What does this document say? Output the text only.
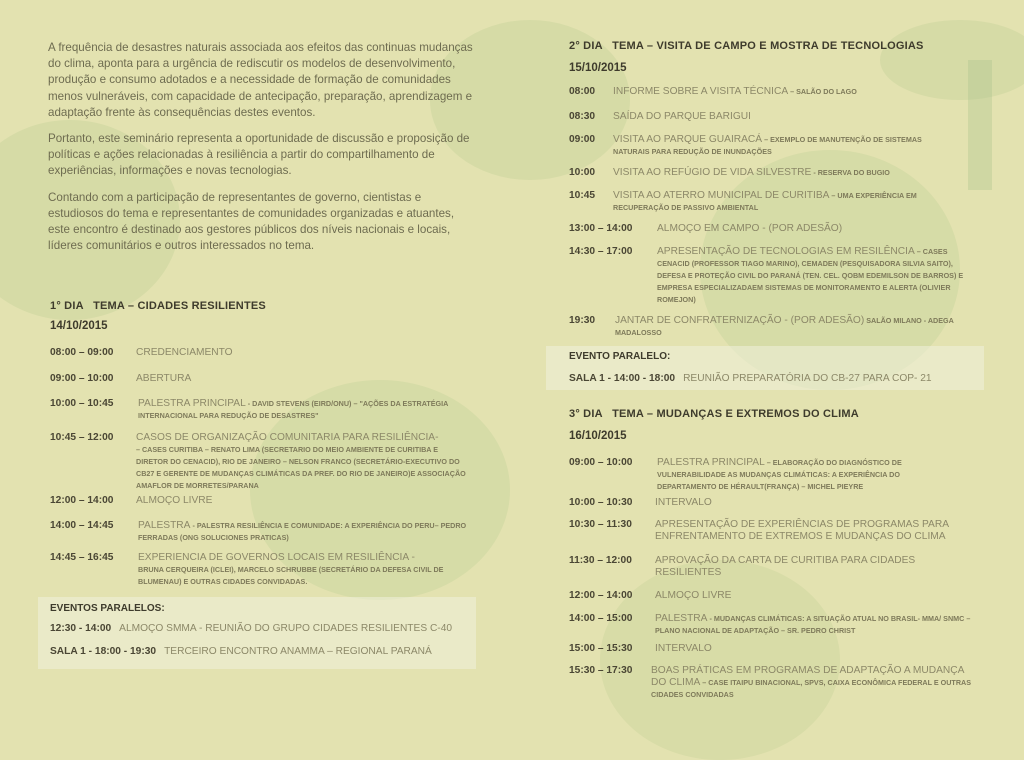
A frequência de desastres naturais associada aos efeitos das continuas mudanças do clima, aponta para a urgência de rediscutir os modelos de desenvolvimento, produção e consumo adotados e a necessidade de formação de comunidades menos vulneráveis, com capacidade de antecipação, preparação, aprendizagem e adaptação frente às consequências destes eventos.

Portanto, este seminário representa a oportunidade de discussão e proposição de políticas e ações relacionadas à resiliência a partir do compartilhamento de experiências, informações e novas tecnologias.

Contando com a participação de representantes de governo, cientistas e estudiosos do tema e representantes de comunidades organizadas e atuantes, este encontro é destinado aos gestores públicos dos níveis nacionais e locais, líderes comunitários e outros interessados no tema.

1° DIA   TEMA – CIDADES RESILIENTES
14/10/2015
08:00 – 09:00	CREDENCIAMENTO
09:00 – 10:00	ABERTURA
10:00 – 10:45	PALESTRA PRINCIPAL - DAVID STEVENS (EIRD/ONU) – "AÇÕES DA ESTRATÉGIA INTERNACIONAL PARA REDUÇÃO DE DESASTRES"
10:45 – 12:00	CASOS DE ORGANIZAÇÃO COMUNITARIA PARA RESILIÊNCIA-
– CASES CURITIBA – RENATO LIMA (SECRETARIO DO MEIO AMBIENTE DE CURITIBA E DIRETOR DO CENACID), RIO DE JANEIRO – NELSON FRANCO (SECRETÁRIO-EXECUTIVO DO CB27 E GERENTE DE MUDANÇAS CLIMÁTICAS DA PREF. DO RIO DE JANEIRO)E ASSOCIAÇÃO AMAFLOR DE MORRETES/PARANA
12:00 – 14:00	ALMOÇO LIVRE
14:00 – 14:45	PALESTRA - PALESTRA RESILIÊNCIA E COMUNIDADE: A EXPERIÊNCIA DO PERU– PEDRO FERRADAS (ONG SOLUCIONES PRATICAS)
14:45 – 16:45	EXPERIENCIA DE GOVERNOS LOCAIS EM RESILIÊNCIA -
BRUNA CERQUEIRA (ICLEI), MARCELO SCHRUBBE (SECRETÁRIO DA DEFESA CIVIL DE BLUMENAU) E OUTRAS CIDADES CONVIDADAS.
EVENTOS PARALELOS:
12:30 - 14:00 ALMOÇO SMMA - REUNIÃO DO GRUPO CIDADES RESILIENTES C-40
SALA 1 - 18:00 - 19:30 TERCEIRO ENCONTRO ANAMMA – REGIONAL PARANÁ
2° DIA   TEMA – VISITA DE CAMPO E MOSTRA DE TECNOLOGIAS
15/10/2015
08:00	INFORME SOBRE A VISITA TÉCNICA – SALÃO DO LAGO
08:30	SAÍDA DO PARQUE BARIGUI
09:00	VISITA AO PARQUE GUAIRACÁ – EXEMPLO DE MANUTENÇÃO DE SISTEMAS NATURAIS PARA REDUÇÃO DE INUNDAÇÕES
10:00	VISITA AO REFÚGIO DE VIDA SILVESTRE - RESERVA DO BUGIO
10:45	VISITA AO ATERRO MUNICIPAL DE CURITIBA – UMA EXPERIÊNCIA EM RECUPERAÇÃO DE PASSIVO AMBIENTAL
13:00 – 14:00	ALMOÇO EM CAMPO - (POR ADESÃO)
14:30 – 17:00	APRESENTAÇÃO DE TECNOLOGIAS EM RESILÊNCIA – CASES CENACID (PROFESSOR TIAGO MARINO), CEMADEN (PESQUISADORA SILVIA SAITO), DEFESA E PROTEÇÃO CIVIL DO PARANÁ (TEN. CEL. QOBM EDEMILSON DE BARROS) E EMPRESA ESPECIALIZADAEM SISTEMAS DE MONITORAMENTO E ALERTA (OLIVIER ROMEJON)
19:30	JANTAR DE CONFRATERNIZAÇÃO - (POR ADESÃO) SALÃO MILANO - ADEGA MADALOSSO
EVENTO PARALELO:
SALA 1 - 14:00 - 18:00 REUNIÃO PREPARATÓRIA DO CB-27 PARA COP- 21
3° DIA   TEMA – MUDANÇAS E EXTREMOS DO CLIMA
16/10/2015
09:00 – 10:00	PALESTRA PRINCIPAL – ELABORAÇÃO DO DIAGNÓSTICO DE VULNERABILIDADE AS MUDANÇAS CLIMÁTICAS: A EXPERIÊNCIA DO DEPARTAMENTO DE HÉRAULT(FRANÇA) – MICHEL PIEYRE
10:00 – 10:30	INTERVALO
10:30 – 11:30	APRESENTAÇÃO DE EXPERIÊNCIAS DE PROGRAMAS PARA ENFRENTAMENTO DE EXTREMOS E MUDANÇAS DO CLIMA
11:30 – 12:00	APROVAÇÃO DA CARTA DE CURITIBA PARA CIDADES RESILIENTES
12:00 – 14:00	ALMOÇO LIVRE
14:00 – 15:00	PALESTRA - MUDANÇAS CLIMÁTICAS: A SITUAÇÃO ATUAL NO BRASIL- MMA/ SNMC – PLANO NACIONAL DE ADAPTAÇÃO – SR. PEDRO CHRIST
15:00 – 15:30	INTERVALO
15:30 – 17:30	BOAS PRÁTICAS EM PROGRAMAS DE ADAPTAÇÃO A MUDANÇA DO CLIMA – CASE ITAIPU BINACIONAL, SPVS, CAIXA ECONÔMICA FEDERAL E OUTRAS CIDADES CONVIDADAS
